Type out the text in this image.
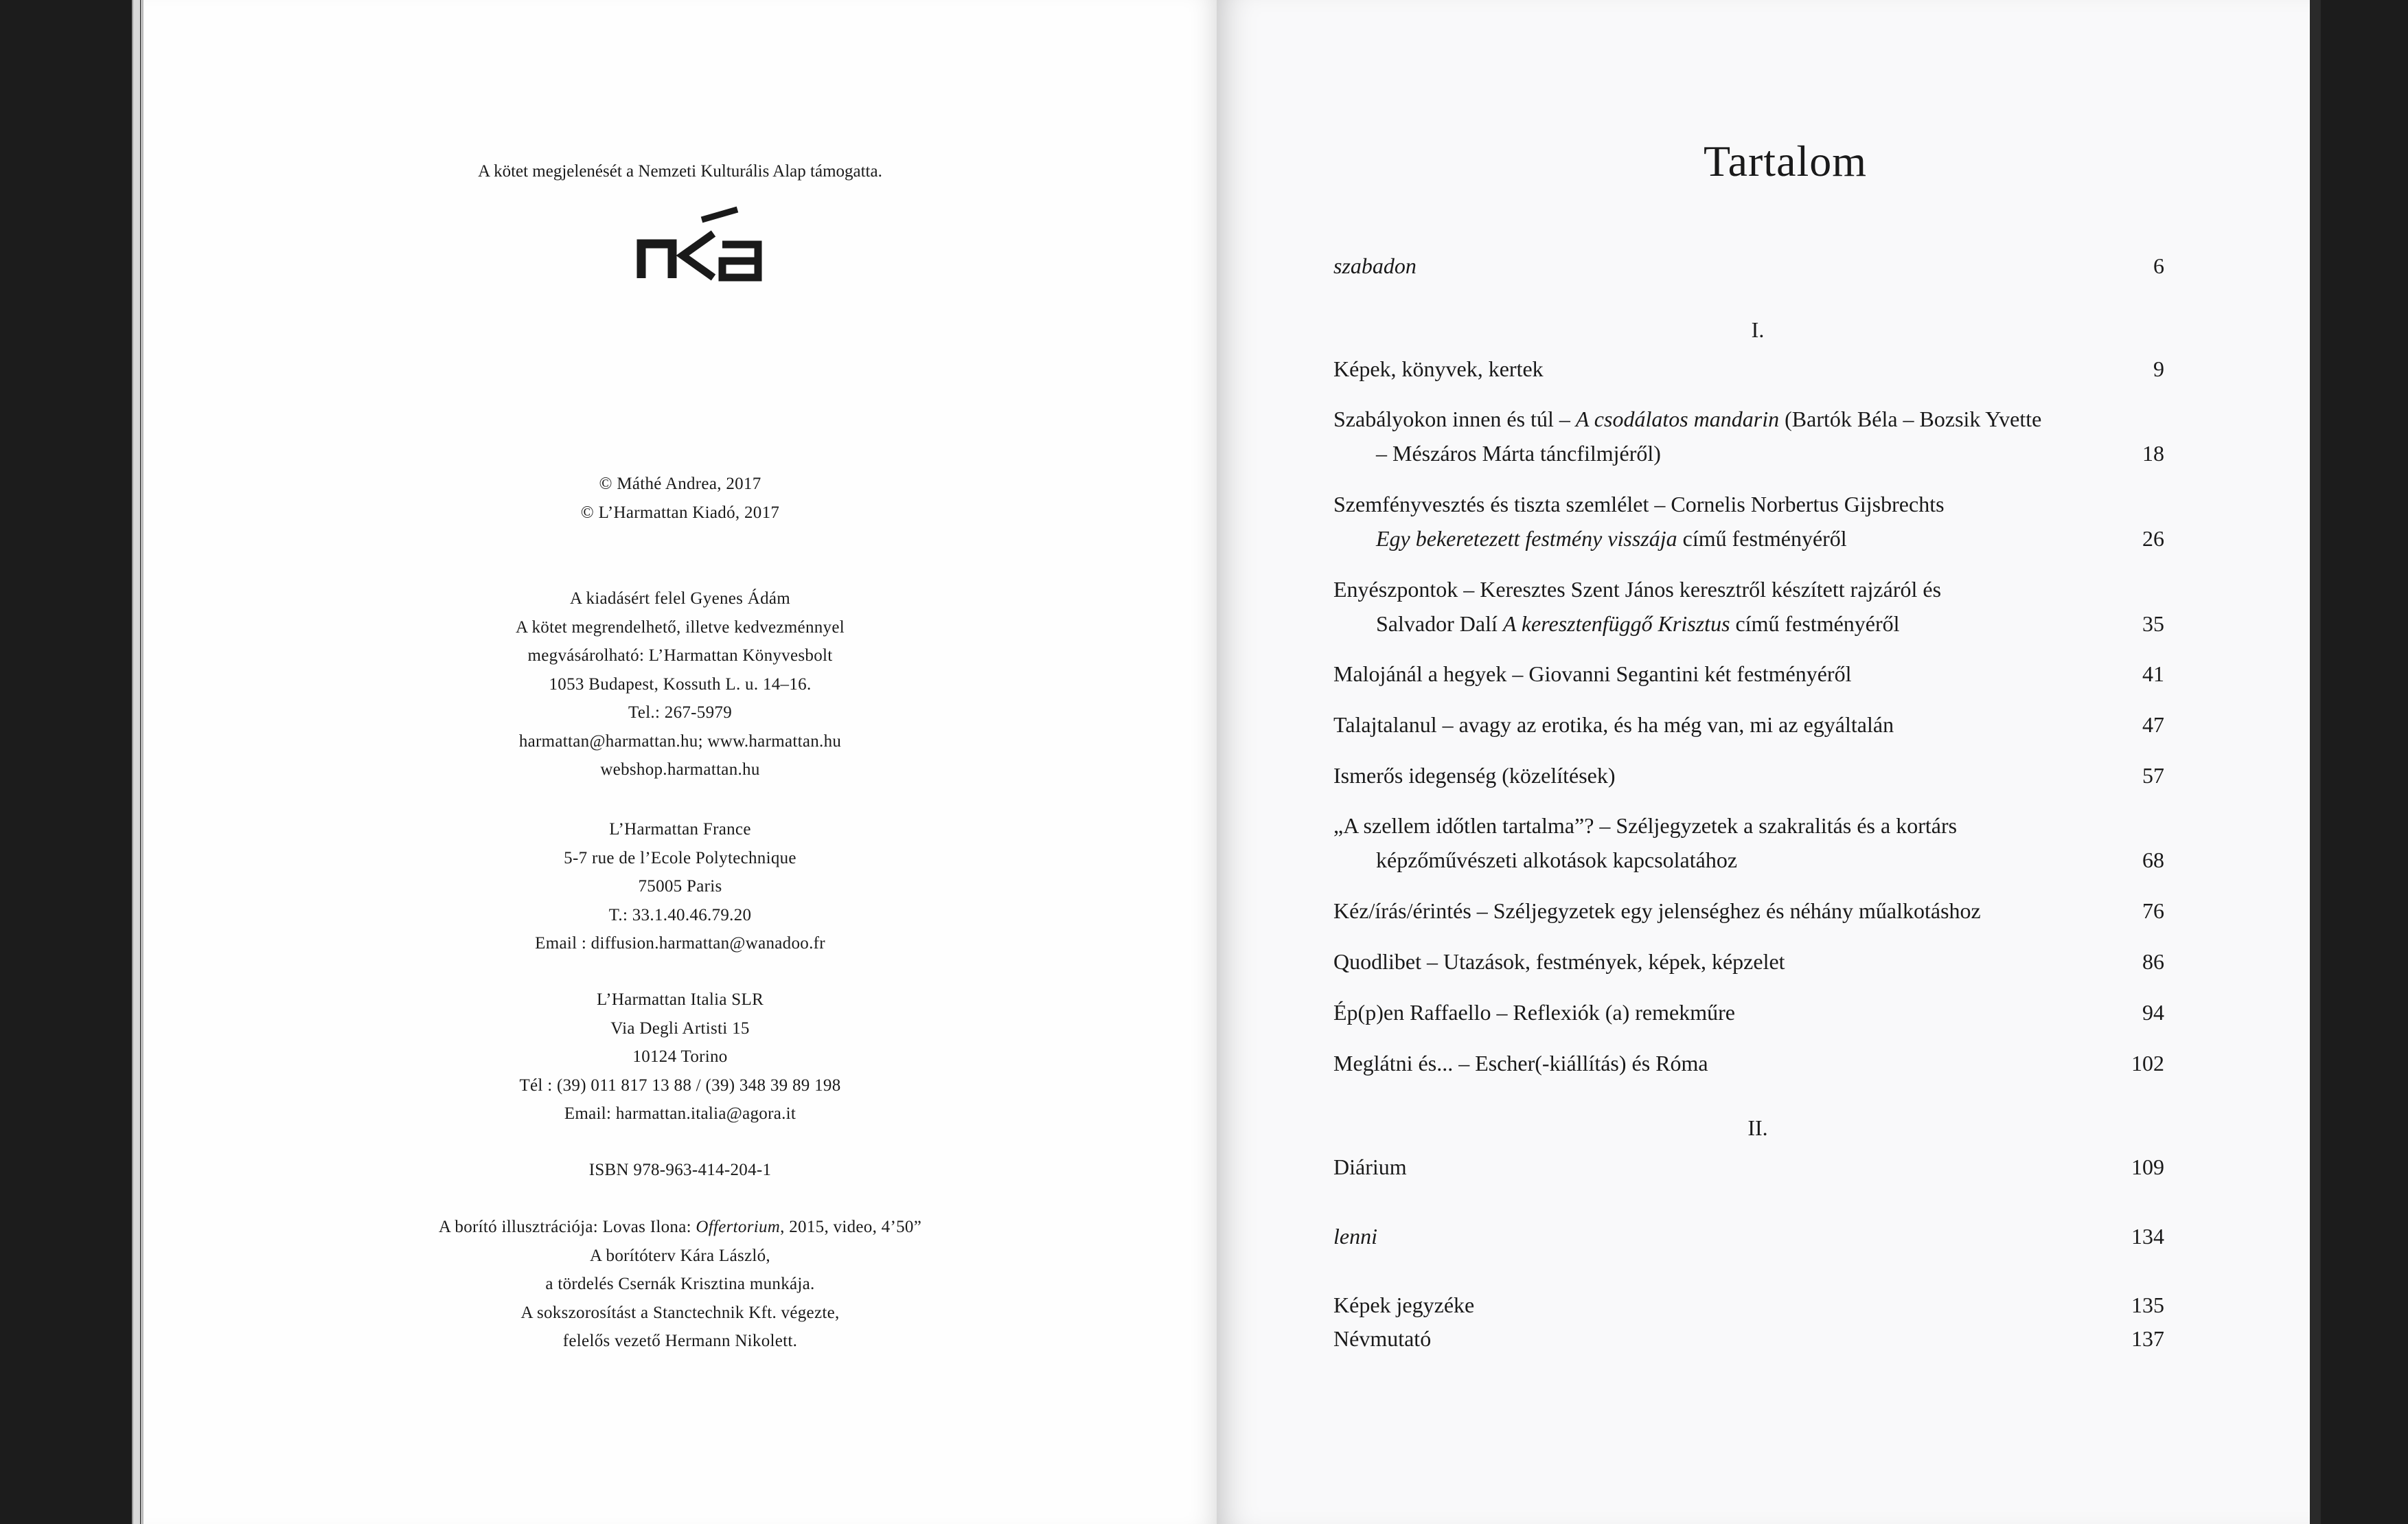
A kötet megjelenését a Nemzeti Kulturális Alap támogatta.

© Máthé Andrea, 2017

© L’Harmattan Kiadó, 2017

A kiadásért felel Gyenes Ádám

A kötet megrendelhető, illetve kedvezménnyel

megvásárolható: L’Harmattan Könyvesbolt

1053 Budapest, Kossuth L. u. 14–16.

Tel.: 267-5979

harmattan@harmattan.hu; www.harmattan.hu

webshop.harmattan.hu

L’Harmattan France

5-7 rue de l’Ecole Polytechnique

75005 Paris

T.: 33.1.40.46.79.20

Email : diffusion.harmattan@wanadoo.fr

L’Harmattan Italia SLR

Via Degli Artisti 15

10124 Torino

Tél : (39) 011 817 13 88 / (39) 348 39 89 198

Email: harmattan.italia@agora.it

ISBN 978-963-414-204-1

A borító illusztrációja: Lovas Ilona: Offertorium, 2015, video, 4’50”

A borítóterv Kára László,

a tördelés Csernák Krisztina munkája.

A sokszorosítást a Stanctechnik Kft. végezte,

felelős vezető Hermann Nikolett.

Tartalom
szabadon	6
I.
Képek, könyvek, kertek	9
Szabályokon innen és túl – A csodálatos mandarin (Bartók Béla – Bozsik Yvette
– Mészáros Márta táncfilmjéről)	18
Szemfényvesztés és tiszta szemlélet – Cornelis Norbertus Gijsbrechts
Egy bekeretezett festmény visszája című festményéről	26
Enyészpontok – Keresztes Szent János keresztről készített rajzáról és
Salvador Dalí A keresztenfüggő Krisztus című festményéről	35
Malojánál a hegyek – Giovanni Segantini két festményéről	41
Talajtalanul – avagy az erotika, és ha még van, mi az egyáltalán	47
Ismerős idegenség (közelítések)	57
„A szellem időtlen tartalma”? – Széljegyzetek a szakralitás és a kortárs
képzőművészeti alkotások kapcsolatához	68
Kéz/írás/érintés – Széljegyzetek egy jelenséghez és néhány műalkotáshoz	76
Quodlibet – Utazások, festmények, képek, képzelet	86
Ép(p)en Raffaello – Reflexiók (a) remekműre	94
Meglátni és... – Escher(-kiállítás) és Róma	102
II.
Diárium	109
lenni	134
Képek jegyzéke	135
Névmutató	137
